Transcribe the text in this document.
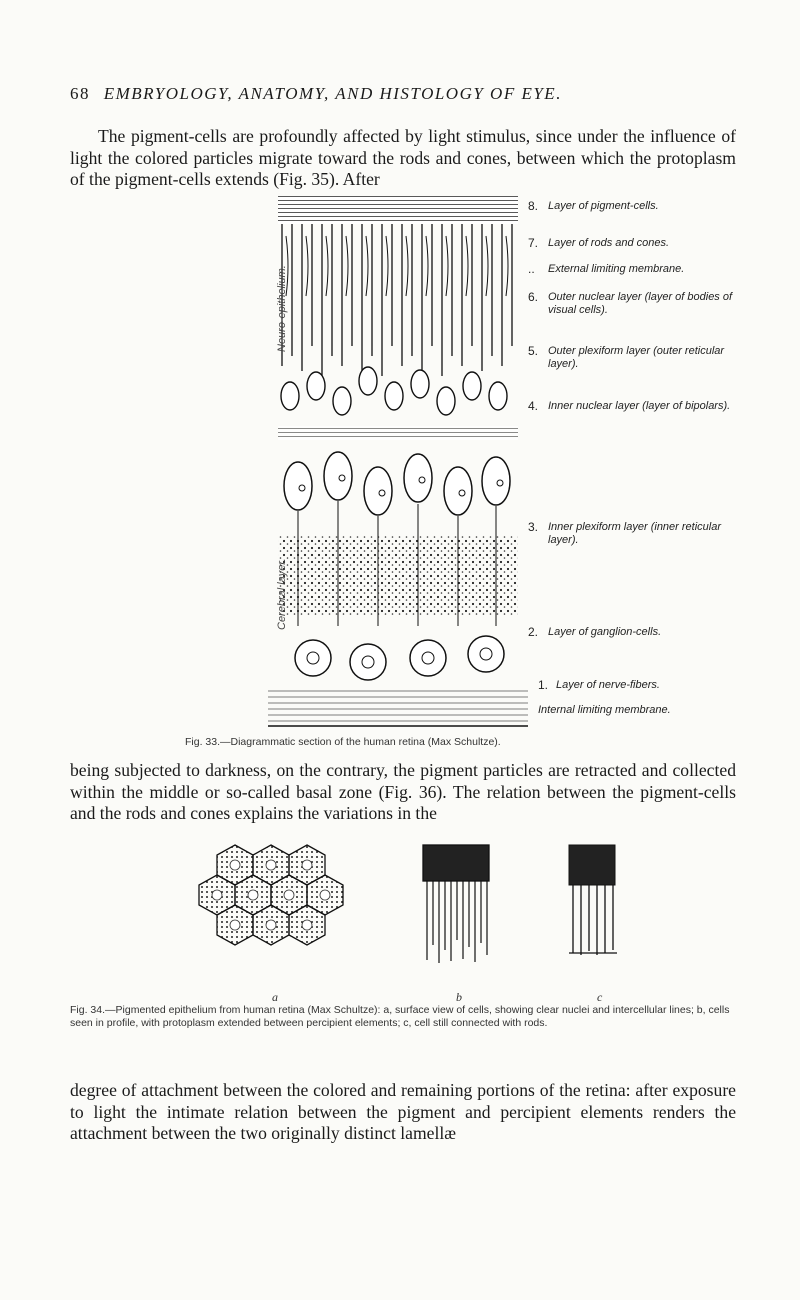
68 EMBRYOLOGY, ANATOMY, AND HISTOLOGY OF EYE.

The pigment-cells are profoundly affected by light stimulus, since under the influence of light the colored particles migrate toward the rods and cones, between which the protoplasm of the pigment-cells extends (Fig. 35). After

Neuro-epithelium.
Cerebral layer.
8. Layer of pigment-cells.
7. Layer of rods and cones.
.. External limiting membrane.
6. Outer nuclear layer (layer of bodies of visual cells).
5. Outer plexiform layer (outer reticular layer).
4. Inner nuclear layer (layer of bipolars).
3. Inner plexiform layer (inner reticular layer).
2. Layer of ganglion-cells.
1. Layer of nerve-fibers.
Internal limiting membrane.
Fig. 33.—Diagrammatic section of the human retina (Max Schultze).

being subjected to darkness, on the contrary, the pigment particles are retracted and collected within the middle or so-called basal zone (Fig. 36). The relation between the pigment-cells and the rods and cones explains the variations in the

a	b	c
Fig. 34.—Pigmented epithelium from human retina (Max Schultze): a, surface view of cells, showing clear nuclei and intercellular lines; b, cells seen in profile, with protoplasm extended between percipient elements; c, cell still connected with rods.

degree of attachment between the colored and remaining portions of the retina: after exposure to light the intimate relation between the pigment and percipient elements renders the attachment between the two originally distinct lamellæ
